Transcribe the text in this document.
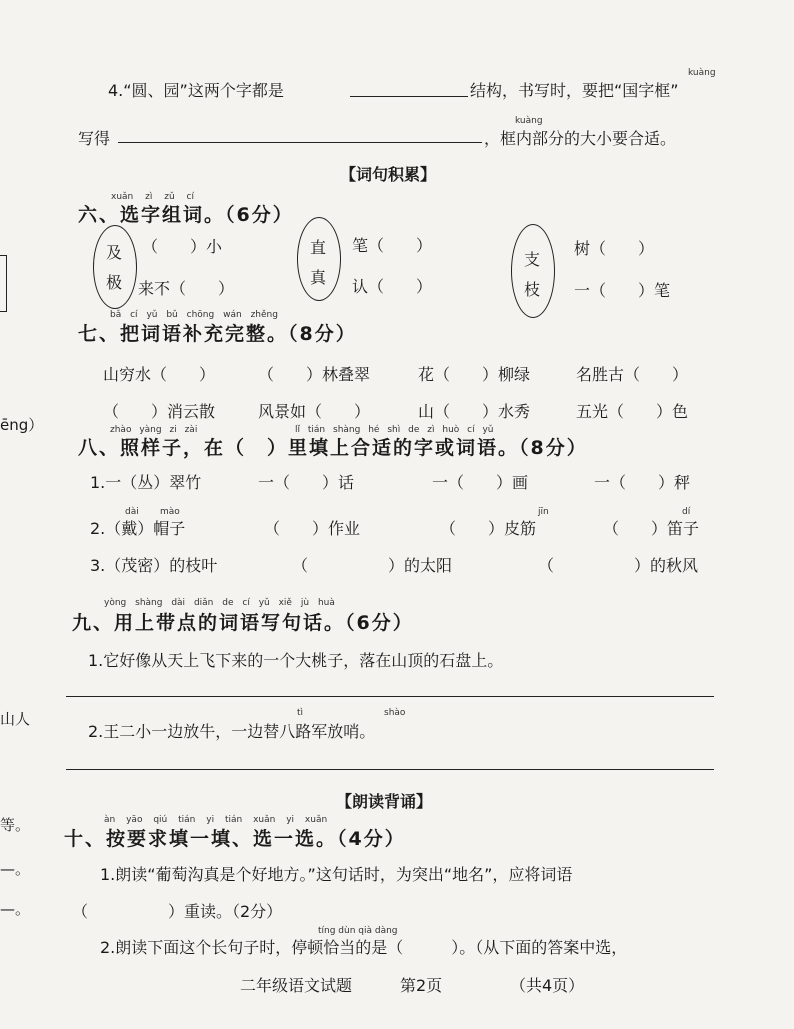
ēng）
山人
等。
—。
—。
4.“圆、园”这两个字都是	结构，书写时，要把“国字框”
kuàng
写得	，框内部分的大小要合适。
kuàng
【词句积累】
xuǎn zì zǔ cí
六、选字组词。（6分）
及
极
（　　）小
来不（　　）
直
真
笔（　　）
认（　　）
支
枝
树（　　）
一（　　）笔
bǎ cí yǔ bǔ chōng wán zhěng
七、把词语补充完整。（8分）
山穷水（　　）	（　　）林叠翠	花（　　）柳绿	名胜古（　　）
（　　）消云散	风景如（　　）	山（　　）水秀	五光（　　）色
zhào yàng zi zài	lǐ tián shàng hé shì de zì huò cí yǔ
八、照样子，在（　）里填上合适的字或词语。（8分）
1.一（丛）翠竹	一（　　）话	一（　　）画	一（　　）秤
dài mào	jīn	dí
2.（戴）帽子	（　　）作业	（　　）皮筋	（　　）笛子
3.（茂密）的枝叶	（　　　　　）的太阳	（　　　　　）的秋风
yòng shàng dài diǎn de cí yǔ xiě jù huà
九、用上带点的词语写句话。（6分）
1.它好像从天上飞下来的一个大桃子，落在山顶的石盘上。
tì	shào
2.王二小一边放牛，一边替八路军放哨。
【朗读背诵】
àn yāo qiú tián yi tián xuǎn yi xuǎn
十、按要求填一填、选一选。（4分）
1.朗读“葡萄沟真是个好地方。”这句话时，为突出“地名”，应将词语
（　　　　　）重读。（2分）
tíng dùn qià dàng
2.朗读下面这个长句子时，停顿恰当的是（　　　）。（从下面的答案中选，
二年级语文试题	第2页	（共4页）
